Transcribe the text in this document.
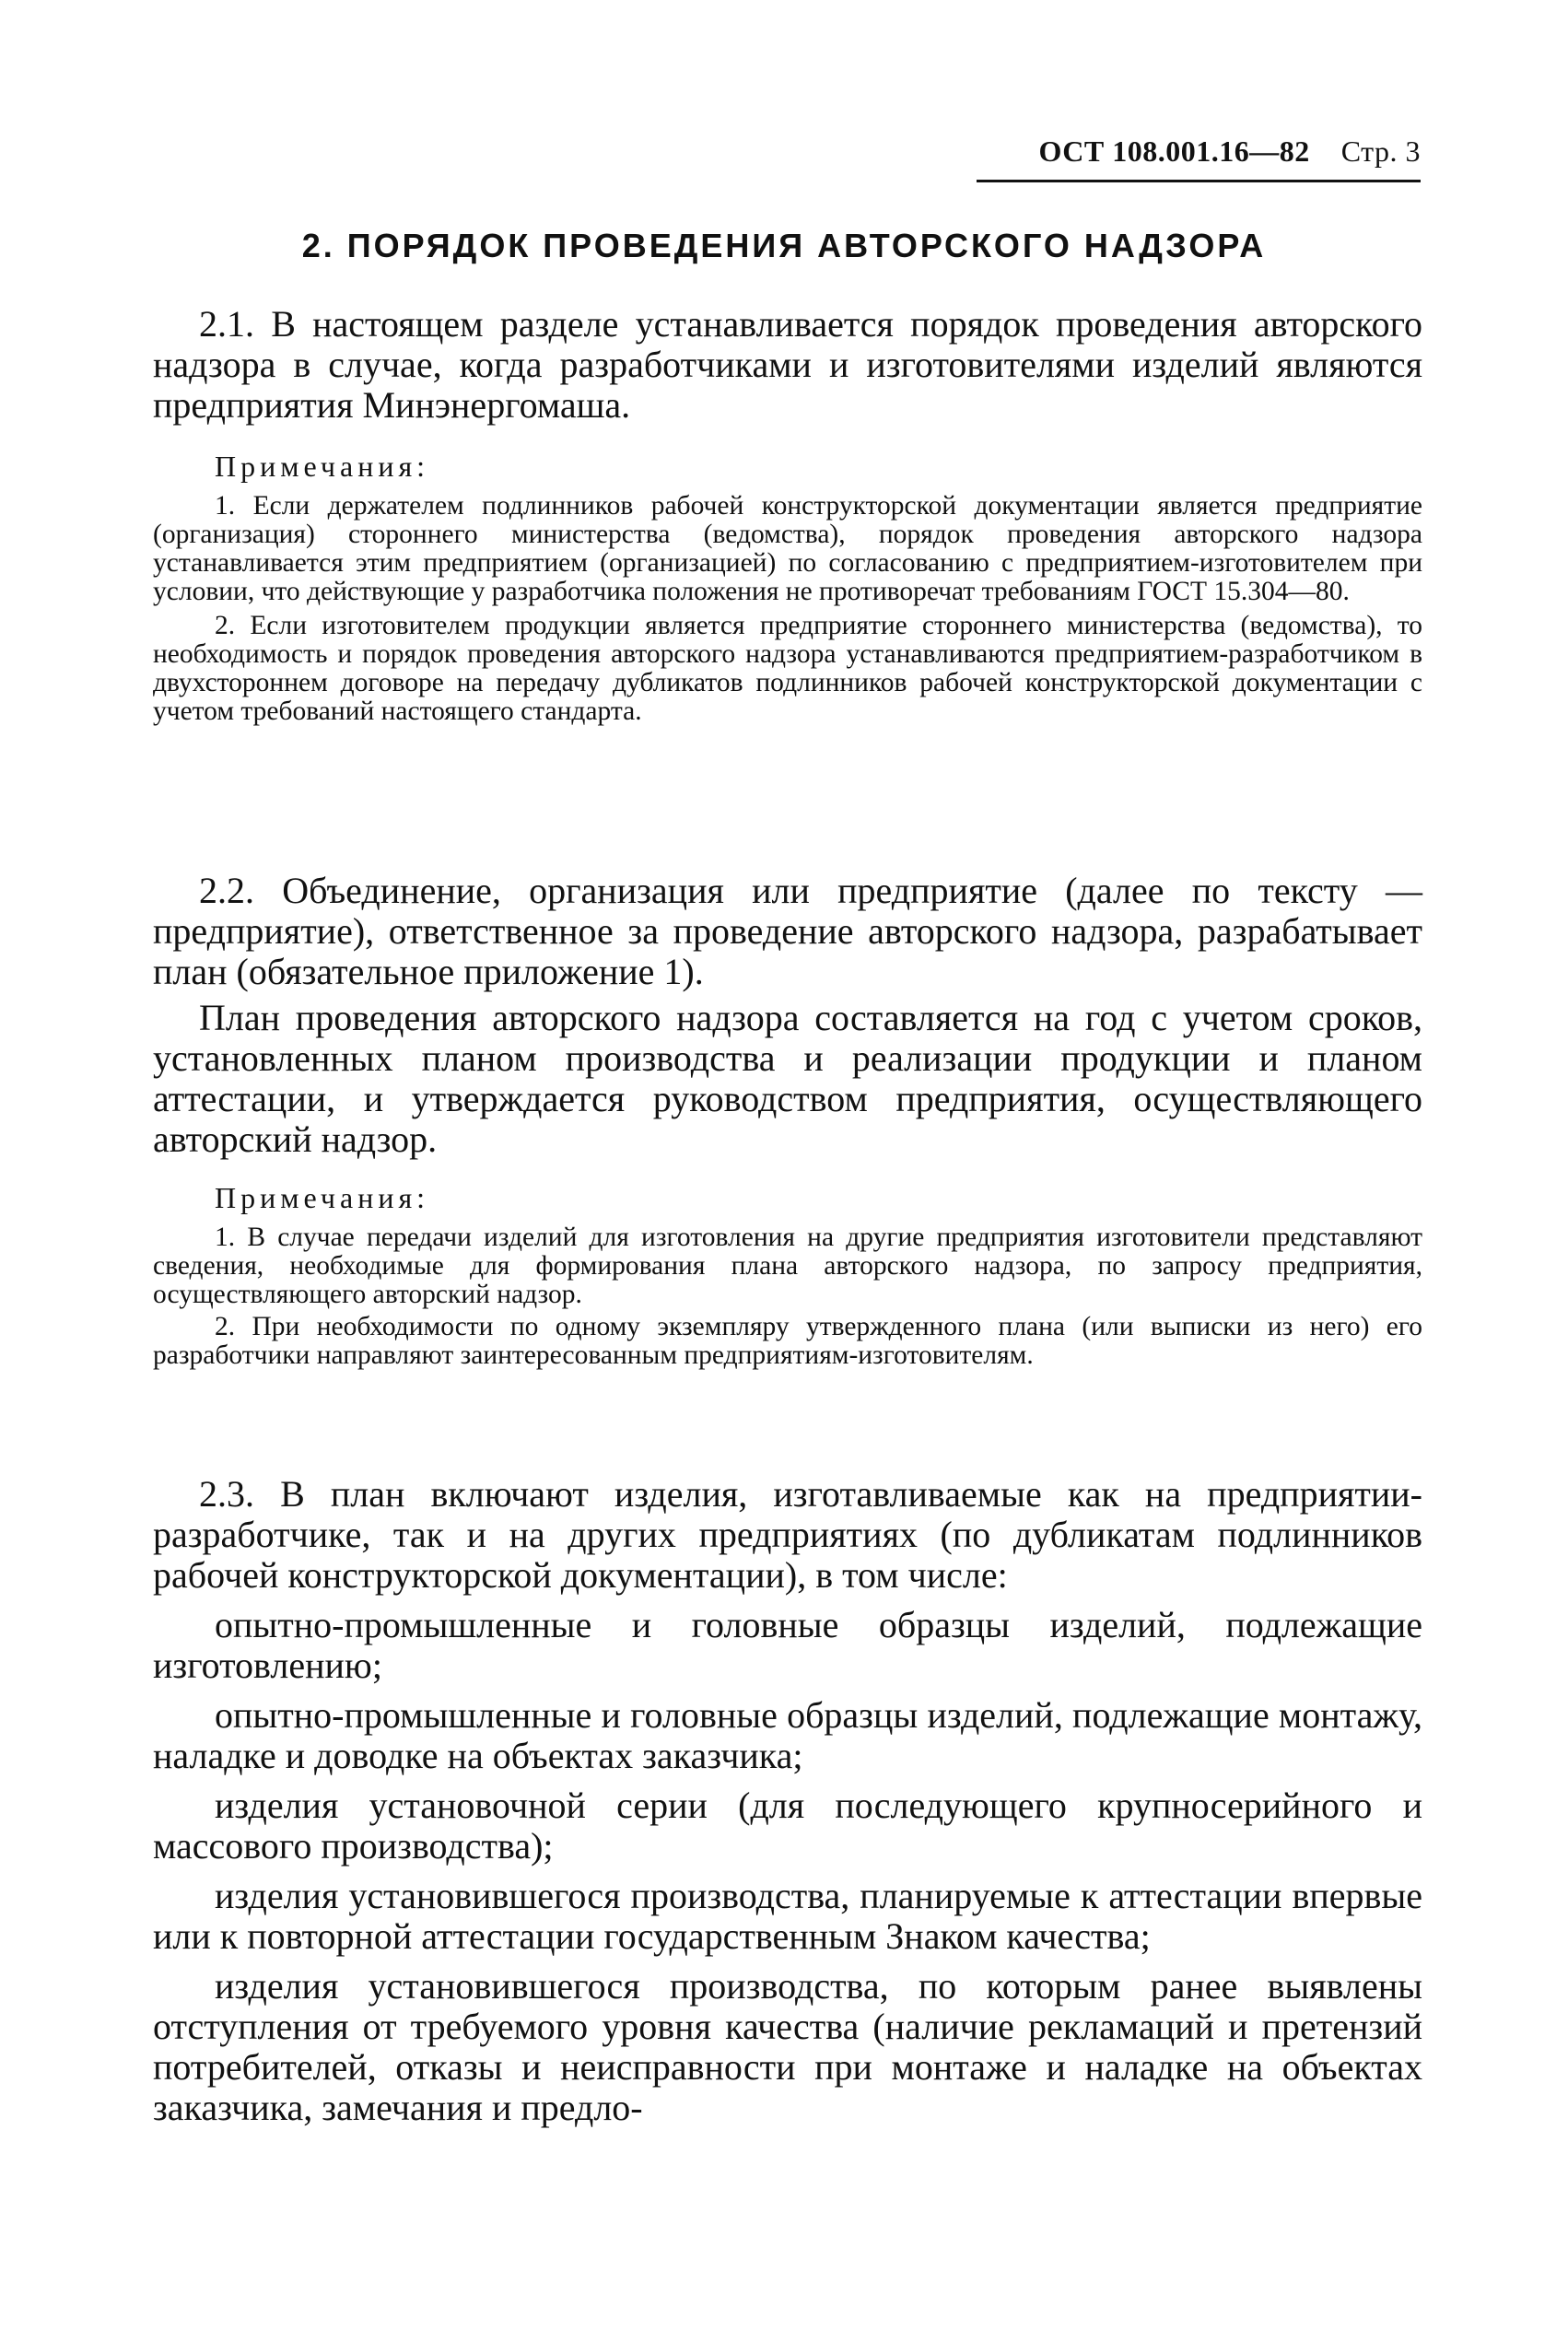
ОСТ 108.001.16—82 Стр. 3
2. ПОРЯДОК ПРОВЕДЕНИЯ АВТОРСКОГО НАДЗОРА

2.1. В настоящем разделе устанавливается порядок проведения авторского надзора в случае, когда разработчиками и изготовителями изделий являются предприятия Минэнергомаша.

Примечания:

1. Если держателем подлинников рабочей конструкторской документации является предприятие (организация) стороннего министерства (ведомства), порядок проведения авторского надзора устанавливается этим предприятием (организацией) по согласованию с предприятием-изготовителем при условии, что действующие у разработчика положения не противоречат требованиям ГОСТ 15.304—80.

2. Если изготовителем продукции является предприятие стороннего министерства (ведомства), то необходимость и порядок проведения авторского надзора устанавливаются предприятием-разработчиком в двухстороннем договоре на передачу дубликатов подлинников рабочей конструкторской документации с учетом требований настоящего стандарта.

2.2. Объединение, организация или предприятие (далее по тексту — предприятие), ответственное за проведение авторского надзора, разрабатывает план (обязательное приложение 1).

План проведения авторского надзора составляется на год с учетом сроков, установленных планом производства и реализации продукции и планом аттестации, и утверждается руководством предприятия, осуществляющего авторский надзор.

Примечания:

1. В случае передачи изделий для изготовления на другие предприятия изготовители представляют сведения, необходимые для формирования плана авторского надзора, по запросу предприятия, осуществляющего авторский надзор.

2. При необходимости по одному экземпляру утвержденного плана (или выписки из него) его разработчики направляют заинтересованным предприятиям-изготовителям.

2.3. В план включают изделия, изготавливаемые как на предприятии-разработчике, так и на других предприятиях (по дубликатам подлинников рабочей конструкторской документации), в том числе:

опытно-промышленные и головные образцы изделий, подлежащие изготовлению;

опытно-промышленные и головные образцы изделий, подлежащие монтажу, наладке и доводке на объектах заказчика;

изделия установочной серии (для последующего крупносерийного и массового производства);

изделия установившегося производства, планируемые к аттестации впервые или к повторной аттестации государственным Знаком качества;

изделия установившегося производства, по которым ранее выявлены отступления от требуемого уровня качества (наличие рекламаций и претензий потребителей, отказы и неисправности при монтаже и наладке на объектах заказчика, замечания и предло-
